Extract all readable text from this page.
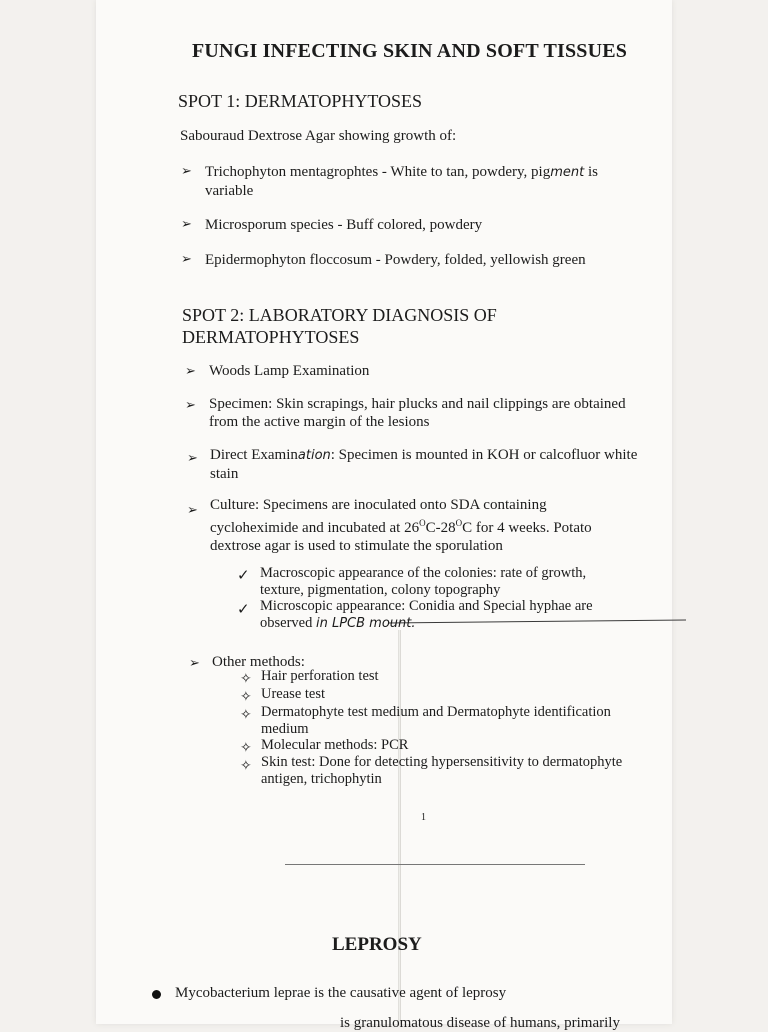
FUNGI INFECTING SKIN AND SOFT TISSUES
SPOT 1: DERMATOPHYTOSES
Sabouraud Dextrose Agar showing growth of:
➢ Trichophyton mentagrophtes - White to tan, powdery, pigment is
variable
➢ Microsporum species - Buff colored, powdery
➢ Epidermophyton floccosum - Powdery, folded, yellowish green
SPOT 2: LABORATORY DIAGNOSIS OF
DERMATOPHYTOSES
➢ Woods Lamp Examination
➢ Specimen: Skin scrapings, hair plucks and nail clippings are obtained
from the active margin of the lesions
➢ Direct Examination: Specimen is mounted in KOH or calcofluor white
stain
➢ Culture: Specimens are inoculated onto SDA containing
cycloheximide and incubated at $26^OC-28^OC$ for 4 weeks. Potato
dextrose agar is used to stimulate the sporulation
✓ Macroscopic appearance of the colonies: rate of growth,
texture, pigmentation, colony topography
✓ Microscopic appearance: Conidia and Special hyphae are
observed in LPCB mount.
➢ Other methods:
✧ Hair perforation test
✧ Urease test
✧ Dermatophyte test medium and Dermatophyte identification
medium
✧ Molecular methods: PCR
✧ Skin test: Done for detecting hypersensitivity to dermatophyte
antigen, trichophytin
1
LEPROSY
Mycobacterium leprae is the causative agent of leprosy
is granulomatous disease of humans, primarily
